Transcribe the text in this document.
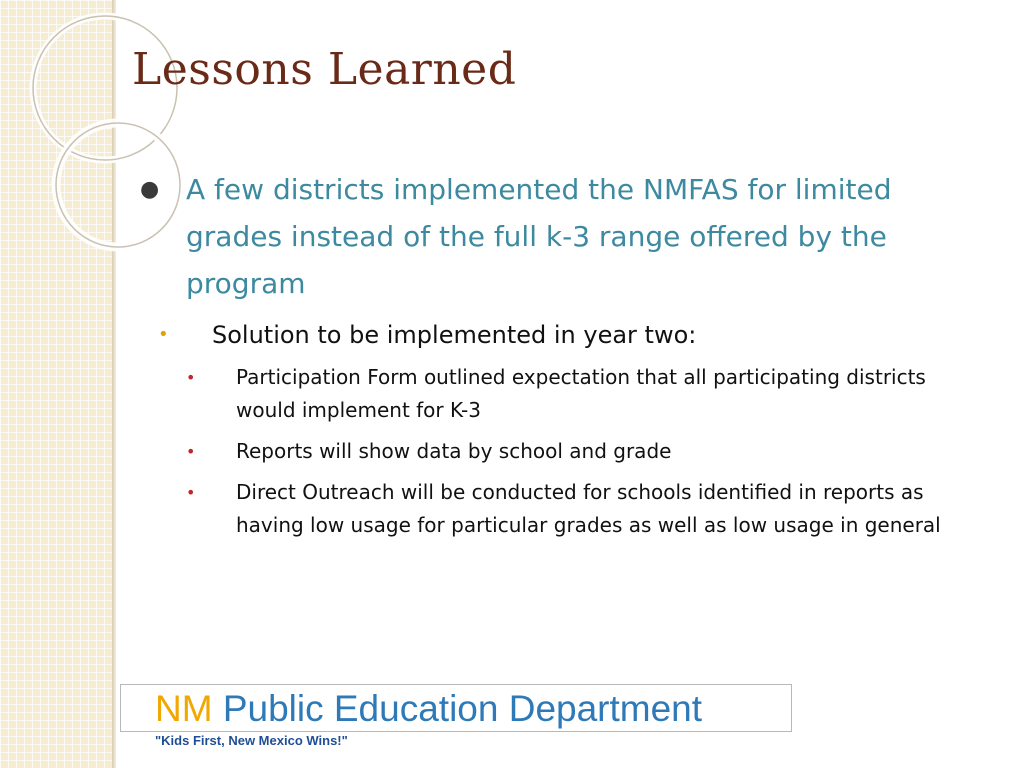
Lessons Learned
● A few districts implemented the NMFAS for limited grades instead of the full k-3 range offered by the program
• Solution to be implemented in year two:
• Participation Form outlined expectation that all participating districts would implement for K-3
• Reports will show data by school and grade
• Direct Outreach will be conducted for schools identified in reports as having low usage for particular grades as well as low usage in general
NM Public Education Department
"Kids First, New Mexico Wins!"
